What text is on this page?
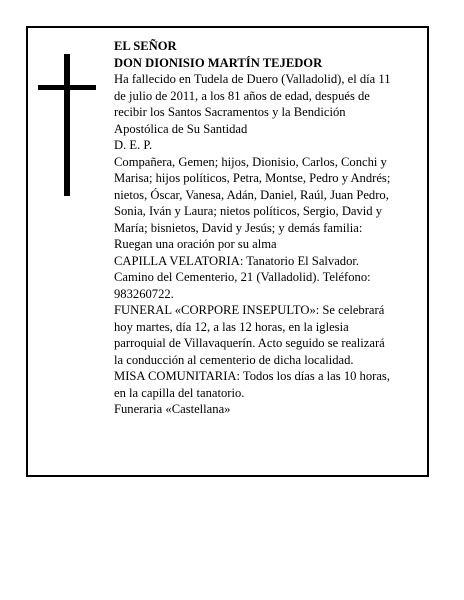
EL SEÑOR

DON DIONISIO MARTÍN TEJEDOR

Ha fallecido en Tudela de Duero (Valladolid), el día 11

de julio de 2011, a los 81 años de edad, después de

recibir los Santos Sacramentos y la Bendición

Apostólica de Su Santidad

D. E. P.

Compañera, Gemen; hijos, Dionisio, Carlos, Conchi y

Marisa; hijos políticos, Petra, Montse, Pedro y Andrés;

nietos, Óscar, Vanesa, Adán, Daniel, Raúl, Juan Pedro,

Sonia, Iván y Laura; nietos políticos, Sergio, David y

María; bisnietos, David y Jesús; y demás familia:

Ruegan una oración por su alma

CAPILLA VELATORIA: Tanatorio El Salvador.

Camino del Cementerio, 21 (Valladolid). Teléfono:

983260722.

FUNERAL «CORPORE INSEPULTO»: Se celebrará

hoy martes, día 12, a las 12 horas, en la iglesia

parroquial de Villavaquerín. Acto seguido se realizará

la conducción al cementerio de dicha localidad.

MISA COMUNITARIA: Todos los días a las 10 horas,

en la capilla del tanatorio.

Funeraria «Castellana»
